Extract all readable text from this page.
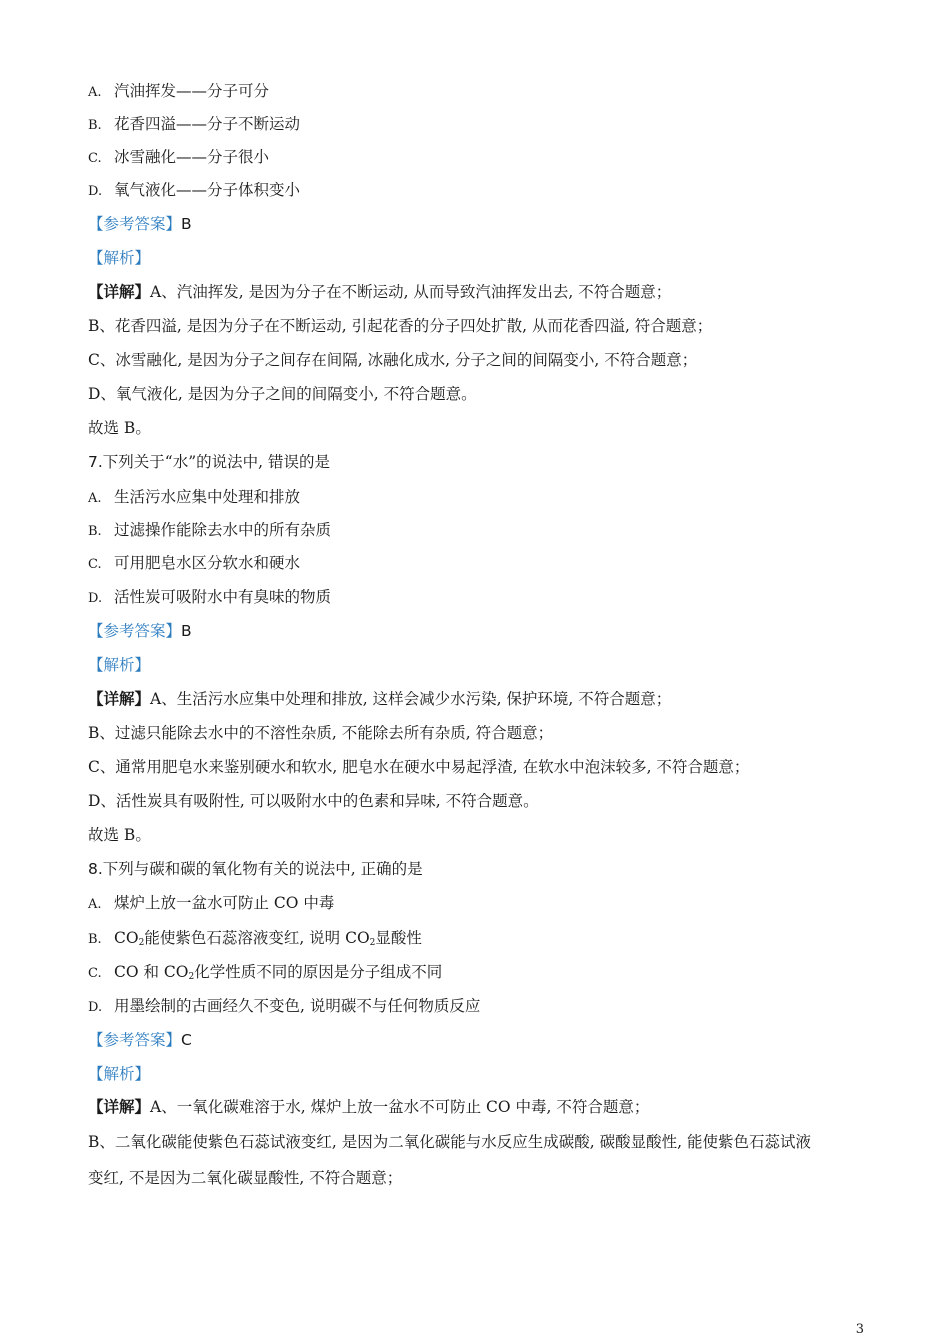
A. 汽油挥发——分子可分
B. 花香四溢——分子不断运动
C. 冰雪融化——分子很小
D. 氧气液化——分子体积变小
【参考答案】B
【解析】
【详解】A、汽油挥发, 是因为分子在不断运动, 从而导致汽油挥发出去, 不符合题意；
B、花香四溢, 是因为分子在不断运动, 引起花香的分子四处扩散, 从而花香四溢, 符合题意；
C、冰雪融化, 是因为分子之间存在间隔, 冰融化成水, 分子之间的间隔变小, 不符合题意；
D、氧气液化, 是因为分子之间的间隔变小, 不符合题意。
故选 B。
7.下列关于“水”的说法中, 错误的是
A. 生活污水应集中处理和排放
B. 过滤操作能除去水中的所有杂质
C. 可用肥皂水区分软水和硬水
D. 活性炭可吸附水中有臭味的物质
【参考答案】B
【解析】
【详解】A、生活污水应集中处理和排放, 这样会减少水污染, 保护环境, 不符合题意；
B、过滤只能除去水中的不溶性杂质, 不能除去所有杂质, 符合题意；
C、通常用肥皂水来鉴别硬水和软水, 肥皂水在硬水中易起浮渣, 在软水中泡沫较多, 不符合题意；
D、活性炭具有吸附性, 可以吸附水中的色素和异味, 不符合题意。
故选 B。
8.下列与碳和碳的氧化物有关的说法中, 正确的是
A. 煤炉上放一盆水可防止 CO 中毒
B. $CO_2$能使紫色石蕊溶液变红, 说明 $CO_2$显酸性
C. CO 和 $CO_2$化学性质不同的原因是分子组成不同
D. 用墨绘制的古画经久不变色, 说明碳不与任何物质反应
【参考答案】C
【解析】
【详解】A、一氧化碳难溶于水, 煤炉上放一盆水不可防止 CO 中毒, 不符合题意；
B、二氧化碳能使紫色石蕊试液变红, 是因为二氧化碳能与水反应生成碳酸, 碳酸显酸性, 能使紫色石蕊试液
变红, 不是因为二氧化碳显酸性, 不符合题意；
3
